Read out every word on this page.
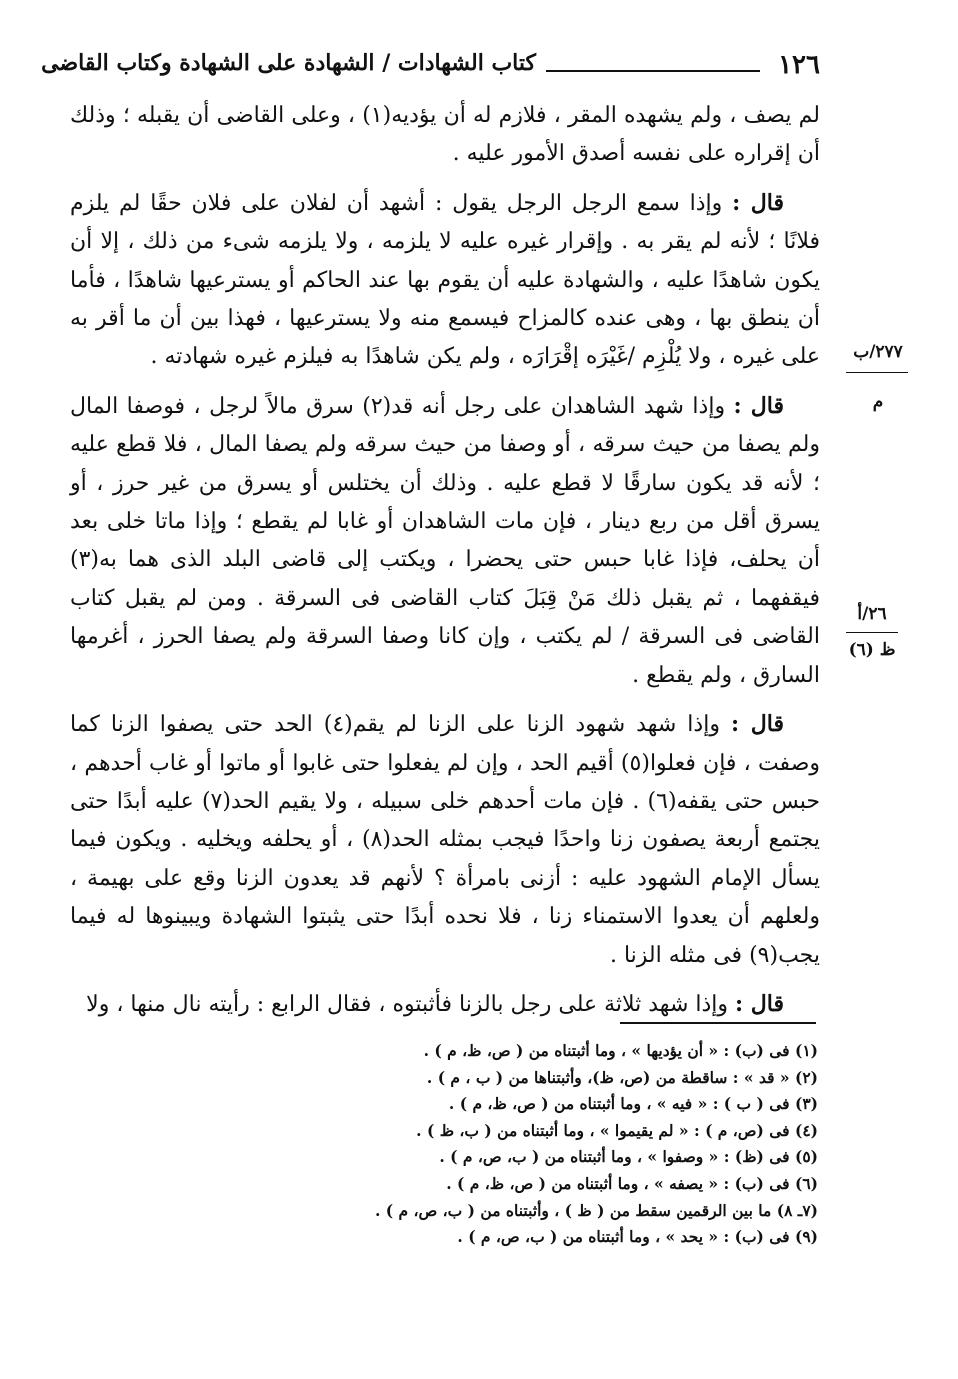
١٢٦
كتاب الشهادات / الشهادة على الشهادة وكتاب القاضى

لم يصف ، ولم يشهده المقر ، فلازم له أن يؤديه(١) ، وعلى القاضى أن يقبله ؛ وذلك أن إقراره على نفسه أصدق الأمور عليه .

قال : وإذا سمع الرجل الرجل يقول : أشهد أن لفلان على فلان حقًا لم يلزم فلانًا ؛ لأنه لم يقر به . وإقرار غيره عليه لا يلزمه ، ولا يلزمه شىء من ذلك ، إلا أن يكون شاهدًا عليه ، والشهادة عليه أن يقوم بها عند الحاكم أو يسترعيها شاهدًا ، فأما أن ينطق بها ، وهى عنده كالمزاح فيسمع منه ولا يسترعيها ، فهذا بين أن ما أقر به على غيره ، ولا يُلْزِم /غَيْرَه إقْرَارَه ، ولم يكن شاهدًا به فيلزم غيره شهادته .

قال : وإذا شهد الشاهدان على رجل أنه قد(٢) سرق مالاً لرجل ، فوصفا المال ولم يصفا من حيث سرقه ، أو وصفا من حيث سرقه ولم يصفا المال ، فلا قطع عليه ؛ لأنه قد يكون سارقًا لا قطع عليه . وذلك أن يختلس أو يسرق من غير حرز ، أو يسرق أقل من ربع دينار ، فإن مات الشاهدان أو غابا لم يقطع ؛ وإذا ماتا خلى بعد أن يحلف، فإذا غابا حبس حتى يحضرا ، ويكتب إلى قاضى البلد الذى هما به(٣) فيقفهما ، ثم يقبل ذلك مَنْ قِبَلَ كتاب القاضى فى السرقة . ومن لم يقبل كتاب القاضى فى السرقة / لم يكتب ، وإن كانا وصفا السرقة ولم يصفا الحرز ، أغرمها السارق ، ولم يقطع .

قال : وإذا شهد شهود الزنا على الزنا لم يقم(٤) الحد حتى يصفوا الزنا كما وصفت ، فإن فعلوا(٥) أقيم الحد ، وإن لم يفعلوا حتى غابوا أو ماتوا أو غاب أحدهم ، حبس حتى يقفه(٦) . فإن مات أحدهم خلى سبيله ، ولا يقيم الحد(٧) عليه أبدًا حتى يجتمع أربعة يصفون زنا واحدًا فيجب بمثله الحد(٨) ، أو يحلفه ويخليه . ويكون فيما يسأل الإمام الشهود عليه : أزنى بامرأة ؟ لأنهم قد يعدون الزنا وقع على بهيمة ، ولعلهم أن يعدوا الاستمناء زنا ، فلا نحده أبدًا حتى يثبتوا الشهادة ويبينوها له فيما يجب(٩) فى مثله الزنا .

قال : وإذا شهد ثلاثة على رجل بالزنا فأثبتوه ، فقال الرابع : رأيته نال منها ، ولا

٢٧٧/ب
م
٢٦/أ
ظ (٦)
(١) فى (ب) : « أن يؤديها » ، وما أثبتناه من ( ص، ظ، م ) .
(٢) « قد » : ساقطة من (ص، ظ)، وأثبتناها من ( ب ، م ) .
(٣) فى ( ب ) : « فيه » ، وما أثبتناه من ( ص، ظ، م ) .
(٤) فى (ص، م ) : « لم يقيموا » ، وما أثبتناه من ( ب، ظ ) .
(٥) فى (ظ) : « وصفوا » ، وما أثبتناه من ( ب، ص، م ) .
(٦) فى (ب) : « يصفه » ، وما أثبتناه من ( ص، ظ، م ) .
(٧ـ ٨) ما بين الرقمين سقط من ( ظ ) ، وأثبتناه من ( ب، ص، م ) .
(٩) فى (ب) : « يحد » ، وما أثبتناه من ( ب، ص، م ) .
